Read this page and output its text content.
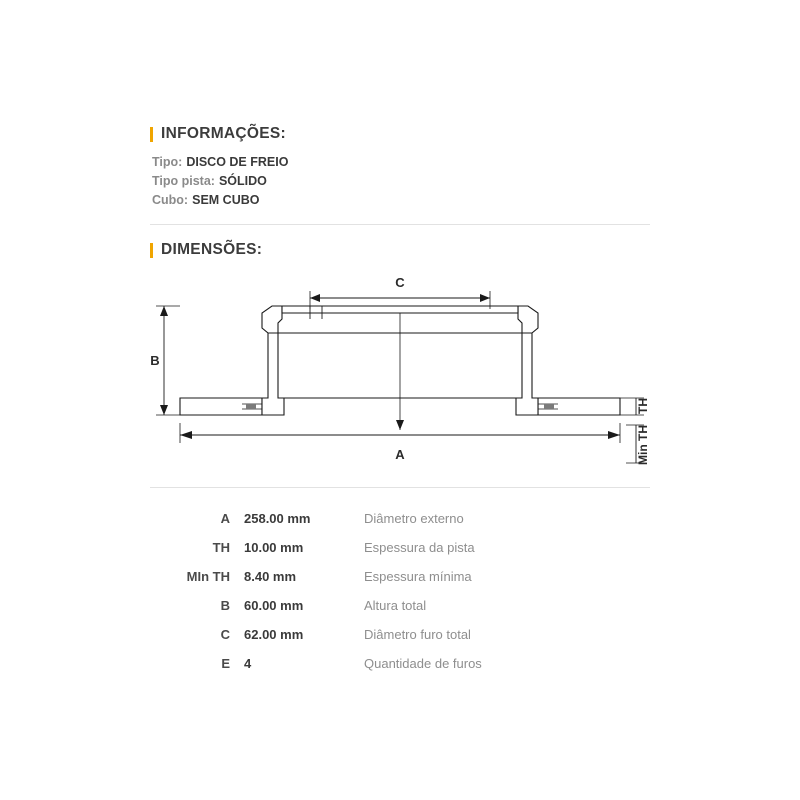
INFORMAÇÕES:
Tipo: DISCO DE FREIO
Tipo pista: SÓLIDO
Cubo: SEM CUBO
DIMENSÕES:
C
A
B
TH
Min TH
A	258.00 mm	Diâmetro externo
TH	10.00 mm	Espessura da pista
MIn TH	8.40 mm	Espessura mínima
B	60.00 mm	Altura total
C	62.00 mm	Diâmetro furo total
E	4	Quantidade de furos
